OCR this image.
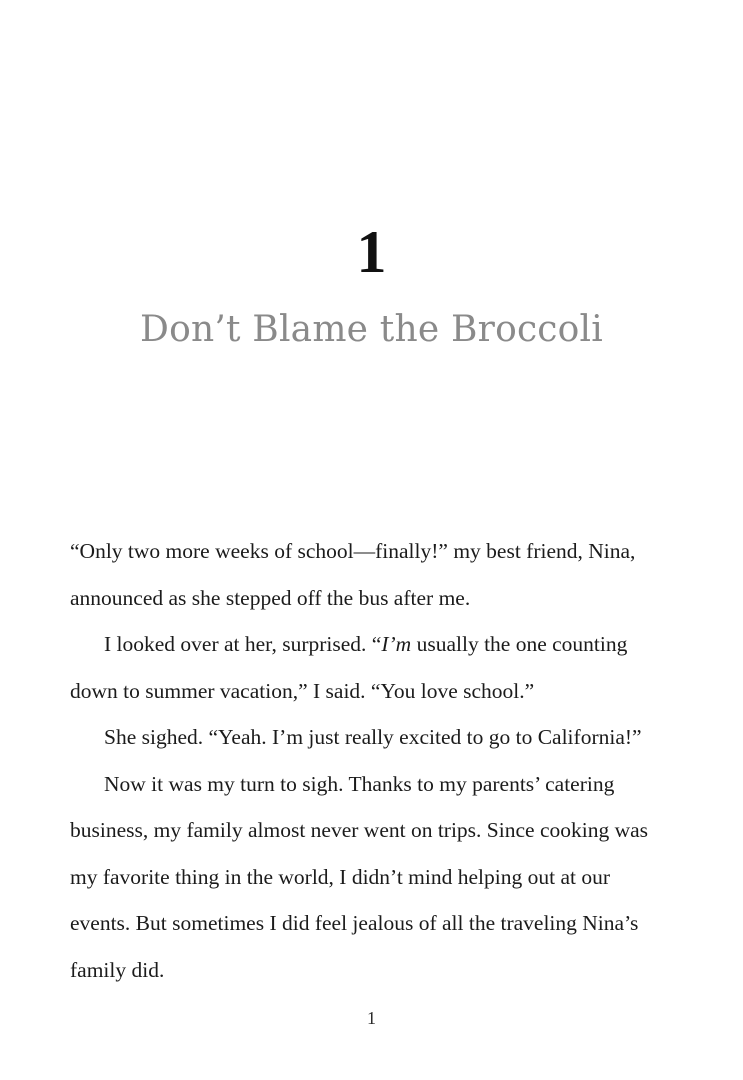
1
Don’t Blame the Broccoli

“Only two more weeks of school—finally!” my best friend, Nina, announced as she stepped off the bus after me.

I looked over at her, surprised. “I’m usually the one counting down to summer vacation,” I said. “You love school.”

She sighed. “Yeah. I’m just really excited to go to California!”

Now it was my turn to sigh. Thanks to my parents’ catering business, my family almost never went on trips. Since cooking was my favorite thing in the world, I didn’t mind helping out at our events. But sometimes I did feel jealous of all the traveling Nina’s family did.

1
